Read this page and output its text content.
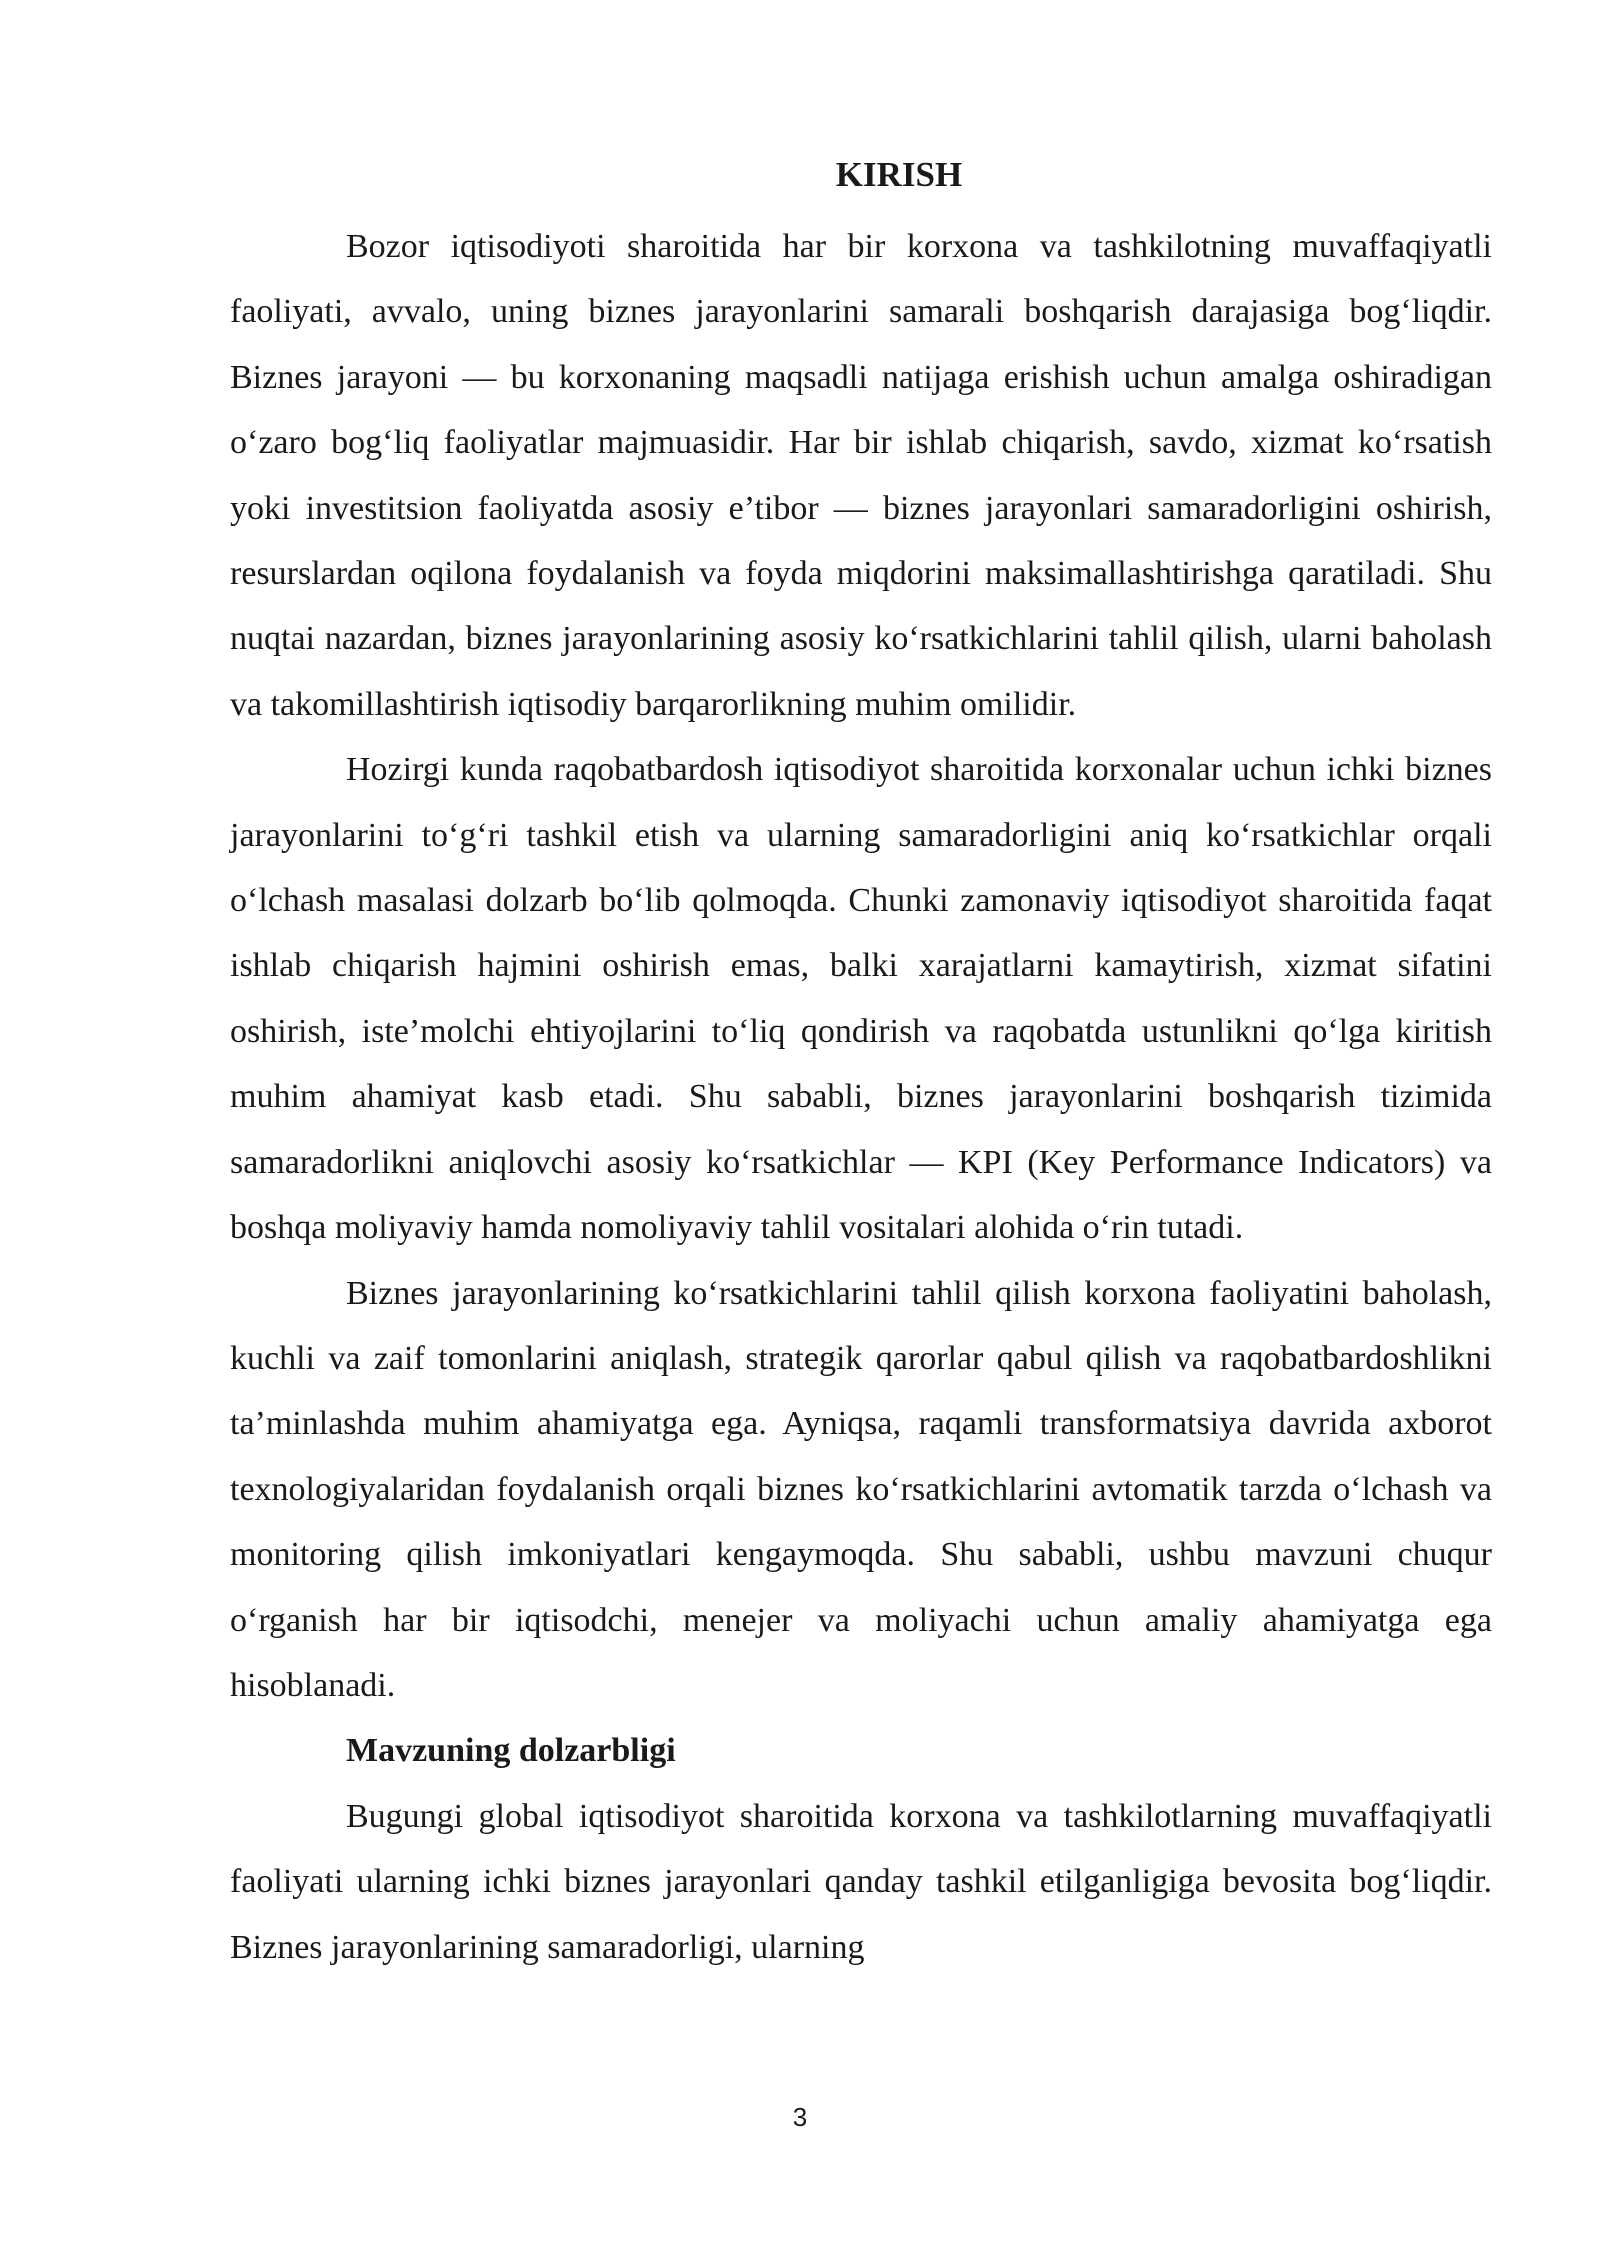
KIRISH

Bozor iqtisodiyoti sharoitida har bir korxona va tashkilotning muvaffaqiyatli faoliyati, avvalo, uning biznes jarayonlarini samarali boshqarish darajasiga bog‘liqdir. Biznes jarayoni — bu korxonaning maqsadli natijaga erishish uchun amalga oshiradigan o‘zaro bog‘liq faoliyatlar majmuasidir. Har bir ishlab chiqarish, savdo, xizmat ko‘rsatish yoki investitsion faoliyatda asosiy e’tibor — biznes jarayonlari samaradorligini oshirish, resurslardan oqilona foydalanish va foyda miqdorini maksimallashtirishga qaratiladi. Shu nuqtai nazardan, biznes jarayonlarining asosiy ko‘rsatkichlarini tahlil qilish, ularni baholash va takomillashtirish iqtisodiy barqarorlikning muhim omilidir.

Hozirgi kunda raqobatbardosh iqtisodiyot sharoitida korxonalar uchun ichki biznes jarayonlarini to‘g‘ri tashkil etish va ularning samaradorligini aniq ko‘rsatkichlar orqali o‘lchash masalasi dolzarb bo‘lib qolmoqda. Chunki zamonaviy iqtisodiyot sharoitida faqat ishlab chiqarish hajmini oshirish emas, balki xarajatlarni kamaytirish, xizmat sifatini oshirish, iste’molchi ehtiyojlarini to‘liq qondirish va raqobatda ustunlikni qo‘lga kiritish muhim ahamiyat kasb etadi. Shu sababli, biznes jarayonlarini boshqarish tizimida samaradorlikni aniqlovchi asosiy ko‘rsatkichlar — KPI (Key Performance Indicators) va boshqa moliyaviy hamda nomoliyaviy tahlil vositalari alohida o‘rin tutadi.

Biznes jarayonlarining ko‘rsatkichlarini tahlil qilish korxona faoliyatini baholash, kuchli va zaif tomonlarini aniqlash, strategik qarorlar qabul qilish va raqobatbardoshlikni ta’minlashda muhim ahamiyatga ega. Ayniqsa, raqamli transformatsiya davrida axborot texnologiyalaridan foydalanish orqali biznes ko‘rsatkichlarini avtomatik tarzda o‘lchash va monitoring qilish imkoniyatlari kengaymoqda. Shu sababli, ushbu mavzuni chuqur o‘rganish har bir iqtisodchi, menejer va moliyachi uchun amaliy ahamiyatga ega hisoblanadi.

Mavzuning dolzarbligi

Bugungi global iqtisodiyot sharoitida korxona va tashkilotlarning muvaffaqiyatli faoliyati ularning ichki biznes jarayonlari qanday tashkil etilganligiga bevosita bog‘liqdir. Biznes jarayonlarining samaradorligi, ularning

3
